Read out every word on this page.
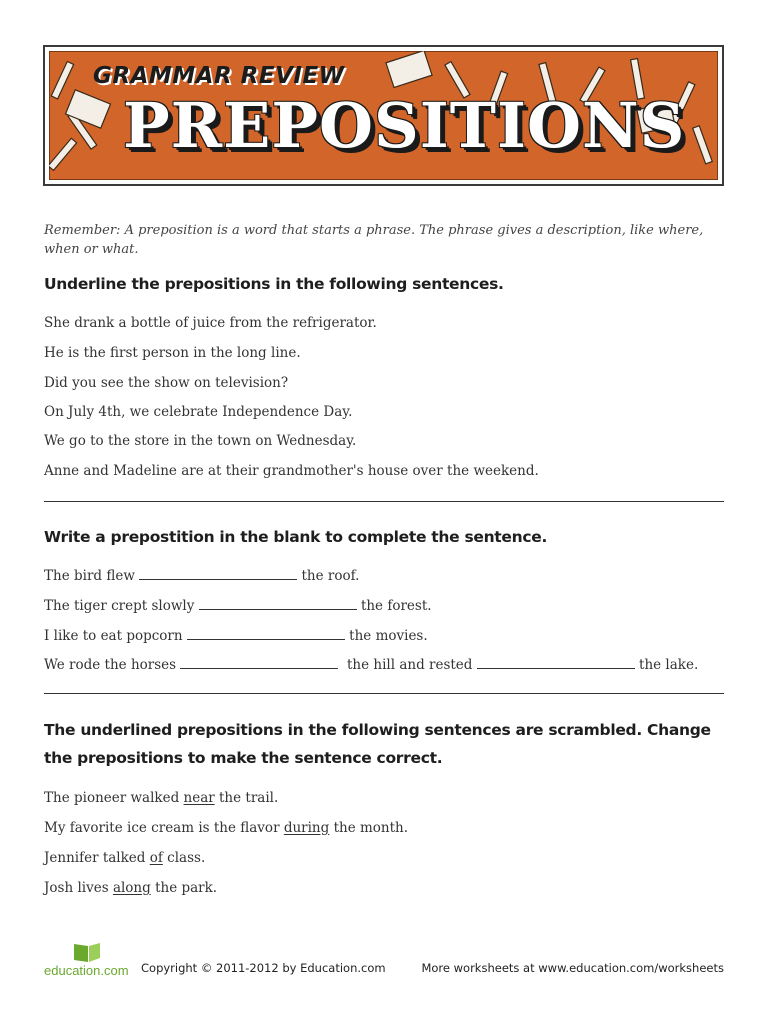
GRAMMAR REVIEW
PREPOSITIONS
Remember: A preposition is a word that starts a phrase. The phrase gives a description, like where, when or what.
Underline the prepositions in the following sentences.
She drank a bottle of juice from the refrigerator.
He is the first person in the long line.
Did you see the show on television?
On July 4th, we celebrate Independence Day.
We go to the store in the town on Wednesday.
Anne and Madeline are at their grandmother's house over the weekend.
Write a prepostition in the blank to complete the sentence.
The bird flew	the roof.
The tiger crept slowly	the forest.
I like to eat popcorn	the movies.
We rode the horses	the hill and rested	the lake.
The underlined prepositions in the following sentences are scrambled. Change the prepositions to make the sentence correct.
The pioneer walked near the trail.
My favorite ice cream is the flavor during the month.
Jennifer talked of class.
Josh lives along the park.
education.com Copyright © 2011-2012 by Education.com	More worksheets at www.education.com/worksheets
